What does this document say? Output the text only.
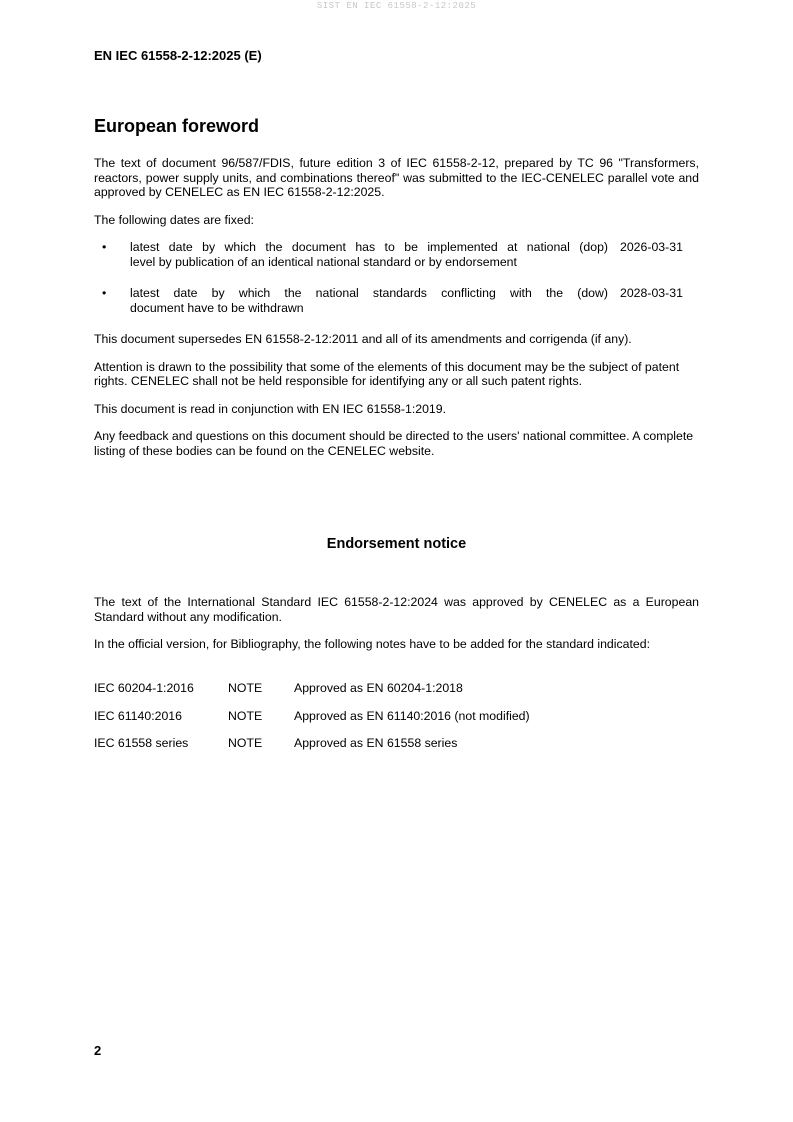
SIST EN IEC 61558-2-12:2025
EN IEC 61558-2-12:2025 (E)
European foreword

The text of document 96/587/FDIS, future edition 3 of IEC 61558-2-12, prepared by TC 96 "Transformers, reactors, power supply units, and combinations thereof" was submitted to the IEC-CENELEC parallel vote and approved by CENELEC as EN IEC 61558-2-12:2025.

The following dates are fixed:

•	latest date by which the document has to be implemented at national (dop)
level by publication of an identical national standard or by endorsement
2026-03-31
•	latest date by which the national standards conflicting with the (dow)
document have to be withdrawn
2028-03-31

This document supersedes EN 61558-2-12:2011 and all of its amendments and corrigenda (if any).

Attention is drawn to the possibility that some of the elements of this document may be the subject of patent rights. CENELEC shall not be held responsible for identifying any or all such patent rights.

This document is read in conjunction with EN IEC 61558-1:2019.

Any feedback and questions on this document should be directed to the users' national committee. A complete listing of these bodies can be found on the CENELEC website.

Endorsement notice

The text of the International Standard IEC 61558-2-12:2024 was approved by CENELEC as a European Standard without any modification.

In the official version, for Bibliography, the following notes have to be added for the standard indicated:

IEC 60204-1:2016	NOTE	Approved as EN 60204-1:2018
IEC 61140:2016	NOTE	Approved as EN 61140:2016 (not modified)
IEC 61558 series	NOTE	Approved as EN 61558 series
2
